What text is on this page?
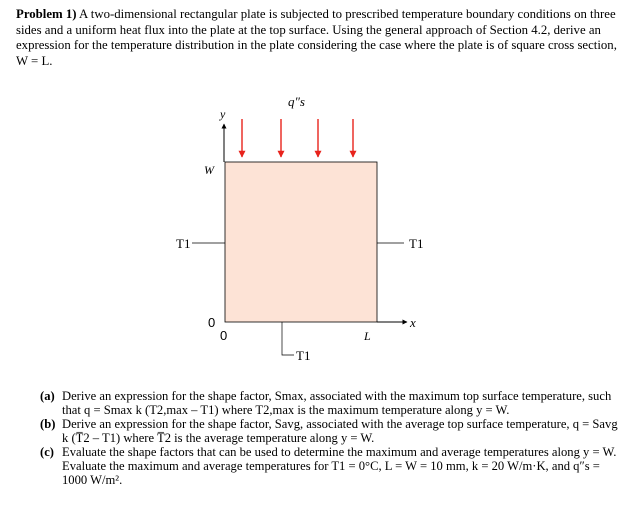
Problem 1) A two-dimensional rectangular plate is subjected to prescribed temperature boundary conditions on three sides and a uniform heat flux into the plate at the top surface. Using the general approach of Section 4.2, derive an expression for the temperature distribution in the plate considering the case where the plate is of square cross section, W = L.
q″s
y
x
W
L
0
0
T1	T1
T1
(a) Derive an expression for the shape factor, Smax, associated with the maximum top surface temperature, such that q = Smax k (T2,max – T1) where T2,max is the maximum temperature along y = W.
(b) Derive an expression for the shape factor, Savg, associated with the average top surface temperature, q = Savg k (T̅2 – T1) where T̅2 is the average temperature along y = W.
(c) Evaluate the shape factors that can be used to determine the maximum and average temperatures along y = W. Evaluate the maximum and average temperatures for T1 = 0°C, L = W = 10 mm, k = 20 W/m·K, and q″s = 1000 W/m².
